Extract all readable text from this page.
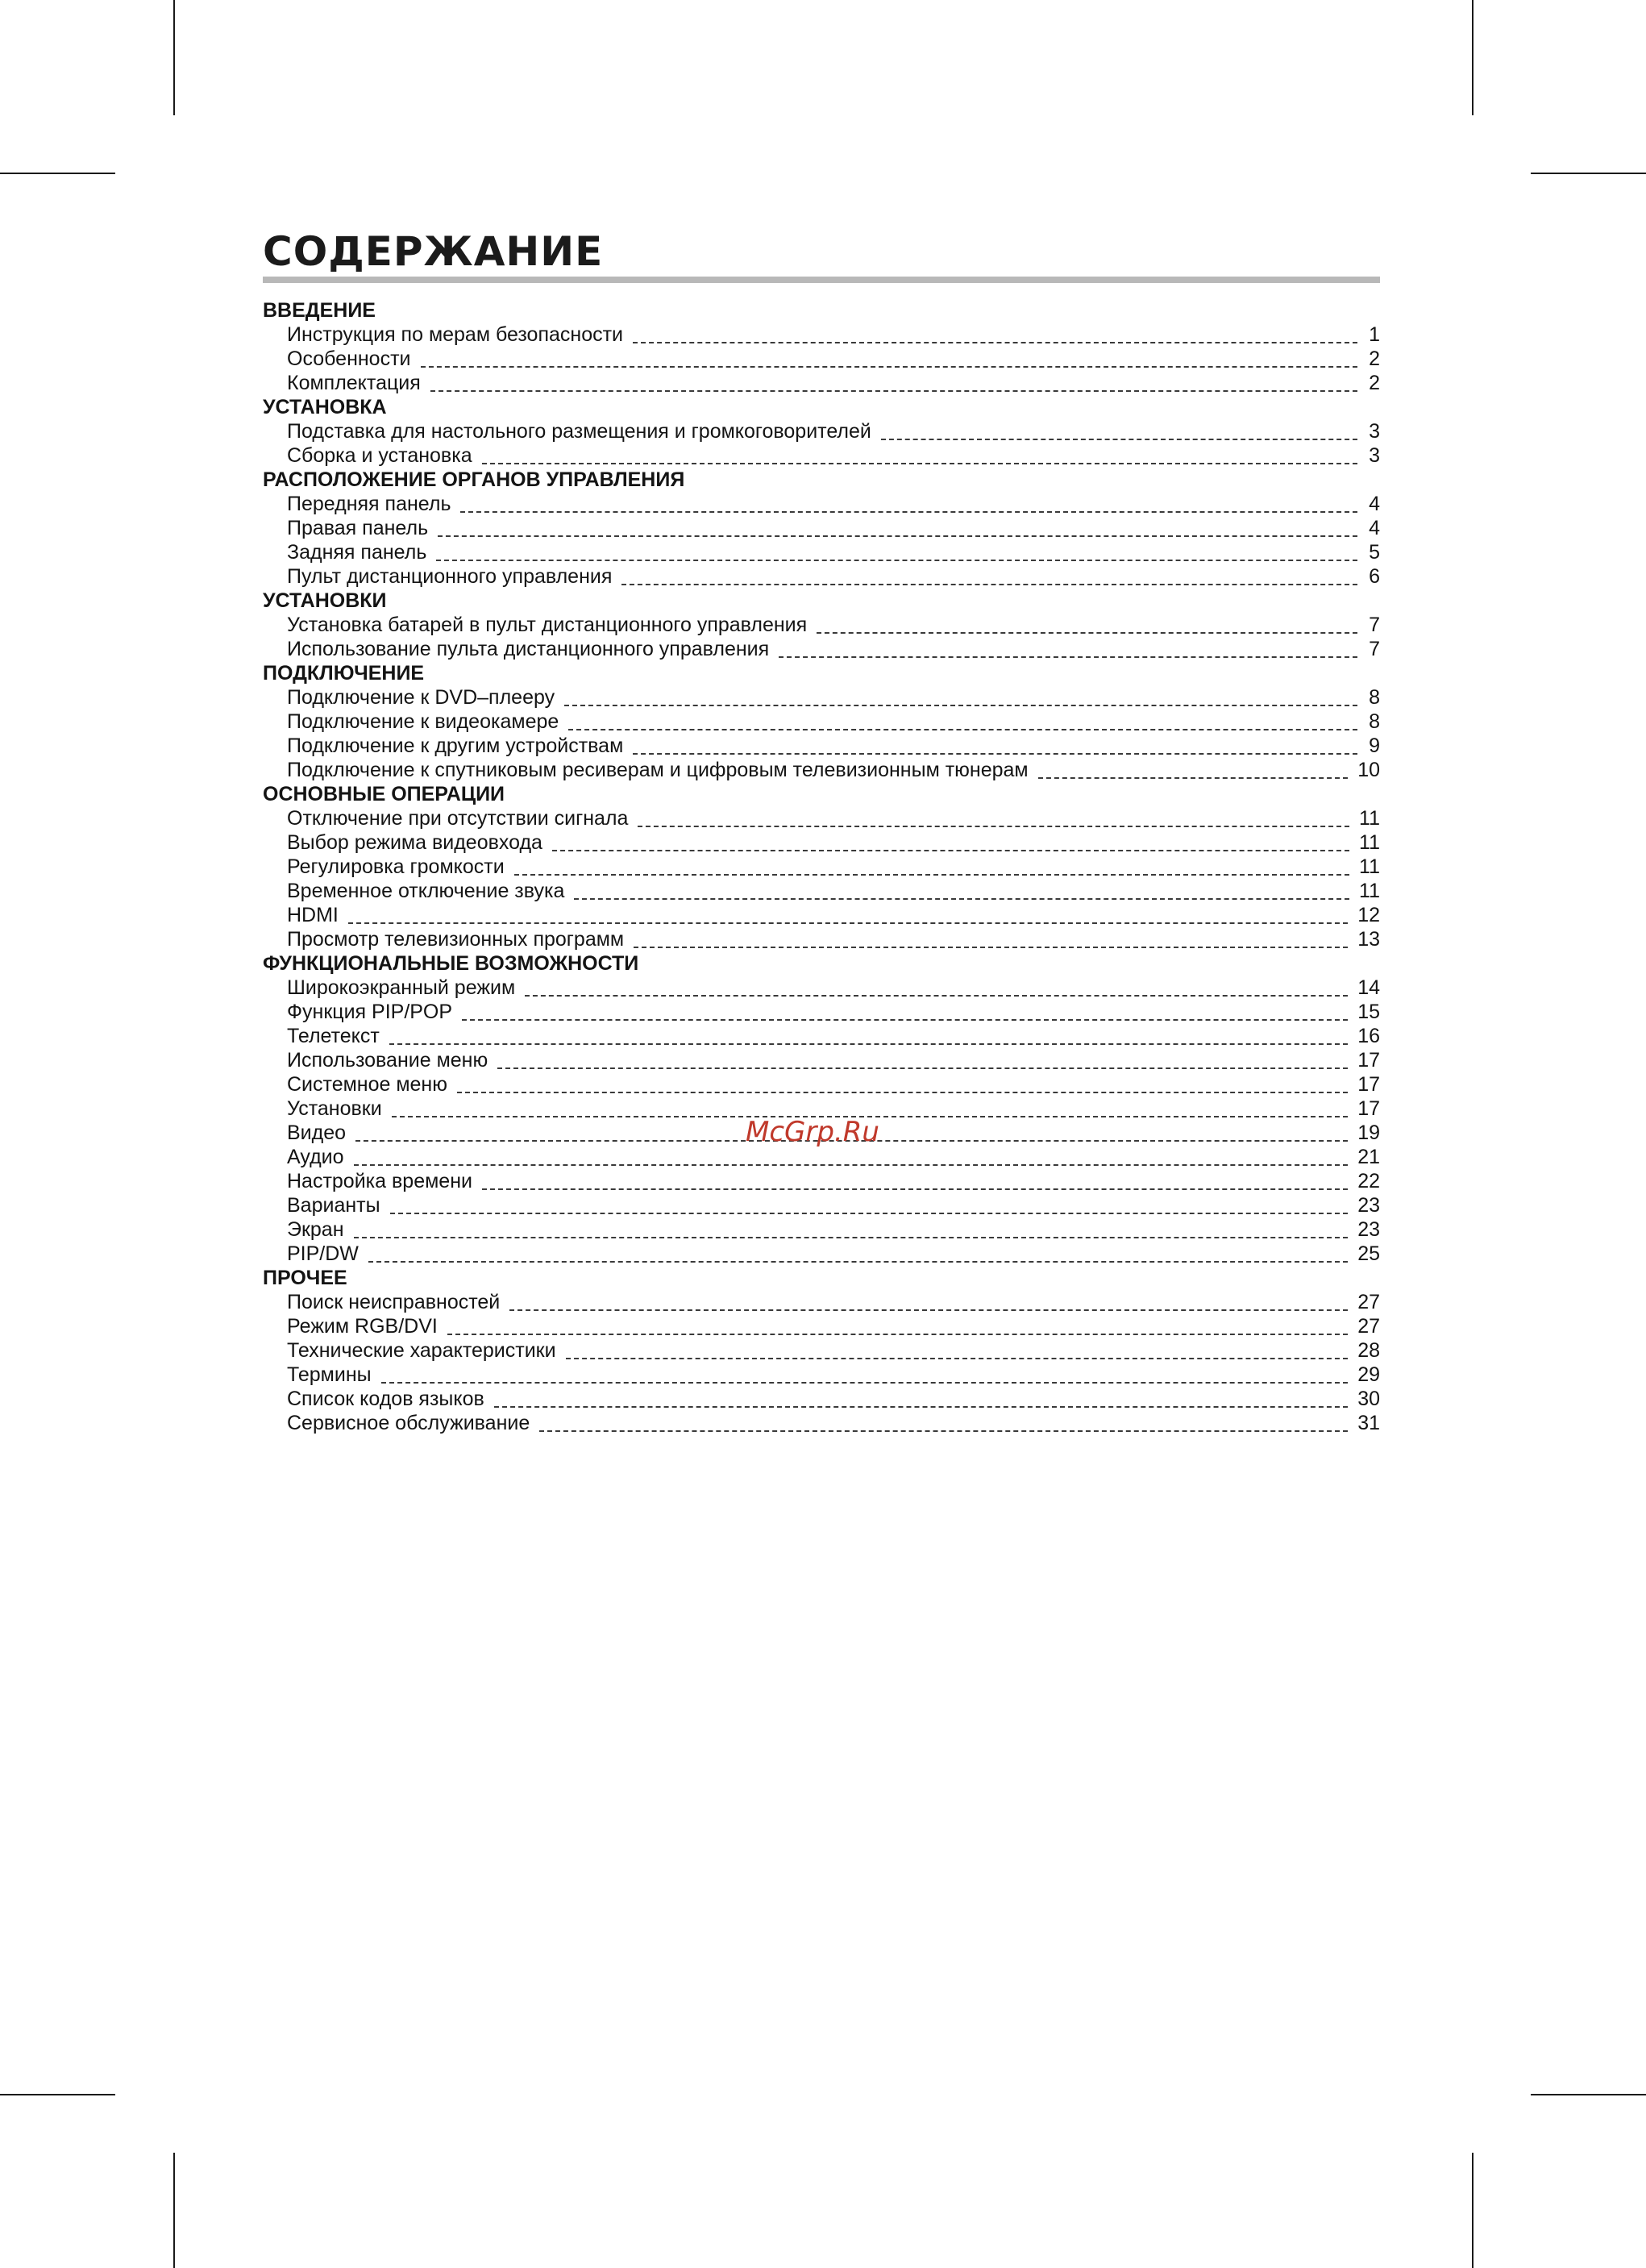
СОДЕРЖАНИЕ
ВВЕДЕНИЕ
Инструкция по мерам безопасности	1
Особенности	2
Комплектация	2
УСТАНОВКА
Подставка для настольного размещения и громкоговорителей	3
Сборка и установка	3
РАСПОЛОЖЕНИЕ ОРГАНОВ УПРАВЛЕНИЯ
Передняя панель	4
Правая панель	4
Задняя панель	5
Пульт дистанционного управления	6
УСТАНОВКИ
Установка батарей в пульт дистанционного управления	7
Использование пульта дистанционного управления	7
ПОДКЛЮЧЕНИЕ
Подключение к DVD–плееру	8
Подключение к видеокамере	8
Подключение к другим устройствам	9
Подключение к спутниковым ресиверам и цифровым телевизионным тюнерам	10
ОСНОВНЫЕ ОПЕРАЦИИ
Отключение при отсутствии сигнала	11
Выбор режима видеовхода	11
Регулировка громкости	11
Временное отключение звука	11
HDMI	12
Просмотр телевизионных программ	13
ФУНКЦИОНАЛЬНЫЕ ВОЗМОЖНОСТИ
Широкоэкранный режим	14
Функция PIP/POP	15
Телетекст	16
Использование меню	17
Системное меню	17
Установки	17
Видео	19
Аудио	21
Настройка времени	22
Варианты	23
Экран	23
PIP/DW	25
ПРОЧЕЕ
Поиск неисправностей	27
Режим RGB/DVI	27
Технические характеристики	28
Термины	29
Список кодов языков	30
Сервисное обслуживание	31
McGrp.Ru
